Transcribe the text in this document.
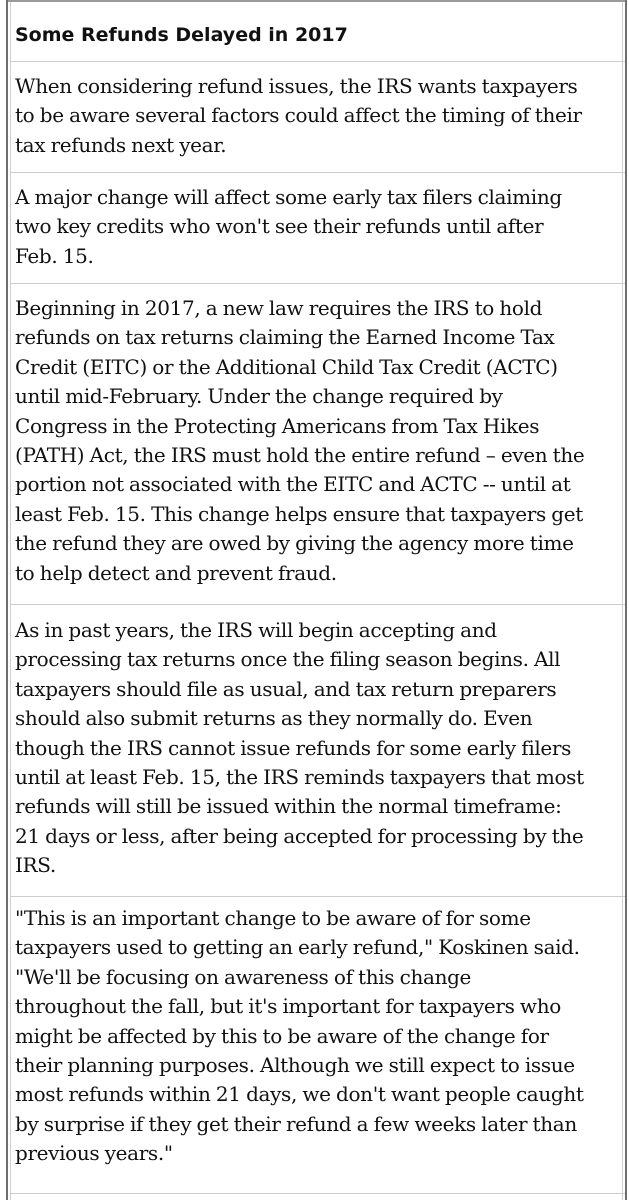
Some Refunds Delayed in 2017

When considering refund issues, the IRS wants taxpayers
to be aware several factors could affect the timing of their
tax refunds next year.

A major change will affect some early tax filers claiming
two key credits who won't see their refunds until after
Feb. 15.

Beginning in 2017, a new law requires the IRS to hold
refunds on tax returns claiming the Earned Income Tax
Credit (EITC) or the Additional Child Tax Credit (ACTC)
until mid-February. Under the change required by
Congress in the Protecting Americans from Tax Hikes
(PATH) Act, the IRS must hold the entire refund – even the
portion not associated with the EITC and ACTC -- until at
least Feb. 15. This change helps ensure that taxpayers get
the refund they are owed by giving the agency more time
to help detect and prevent fraud.

As in past years, the IRS will begin accepting and
processing tax returns once the filing season begins. All
taxpayers should file as usual, and tax return preparers
should also submit returns as they normally do. Even
though the IRS cannot issue refunds for some early filers
until at least Feb. 15, the IRS reminds taxpayers that most
refunds will still be issued within the normal timeframe:
21 days or less, after being accepted for processing by the
IRS.

"This is an important change to be aware of for some
taxpayers used to getting an early refund," Koskinen said.
"We'll be focusing on awareness of this change
throughout the fall, but it's important for taxpayers who
might be affected by this to be aware of the change for
their planning purposes. Although we still expect to issue
most refunds within 21 days, we don't want people caught
by surprise if they get their refund a few weeks later than
previous years."
